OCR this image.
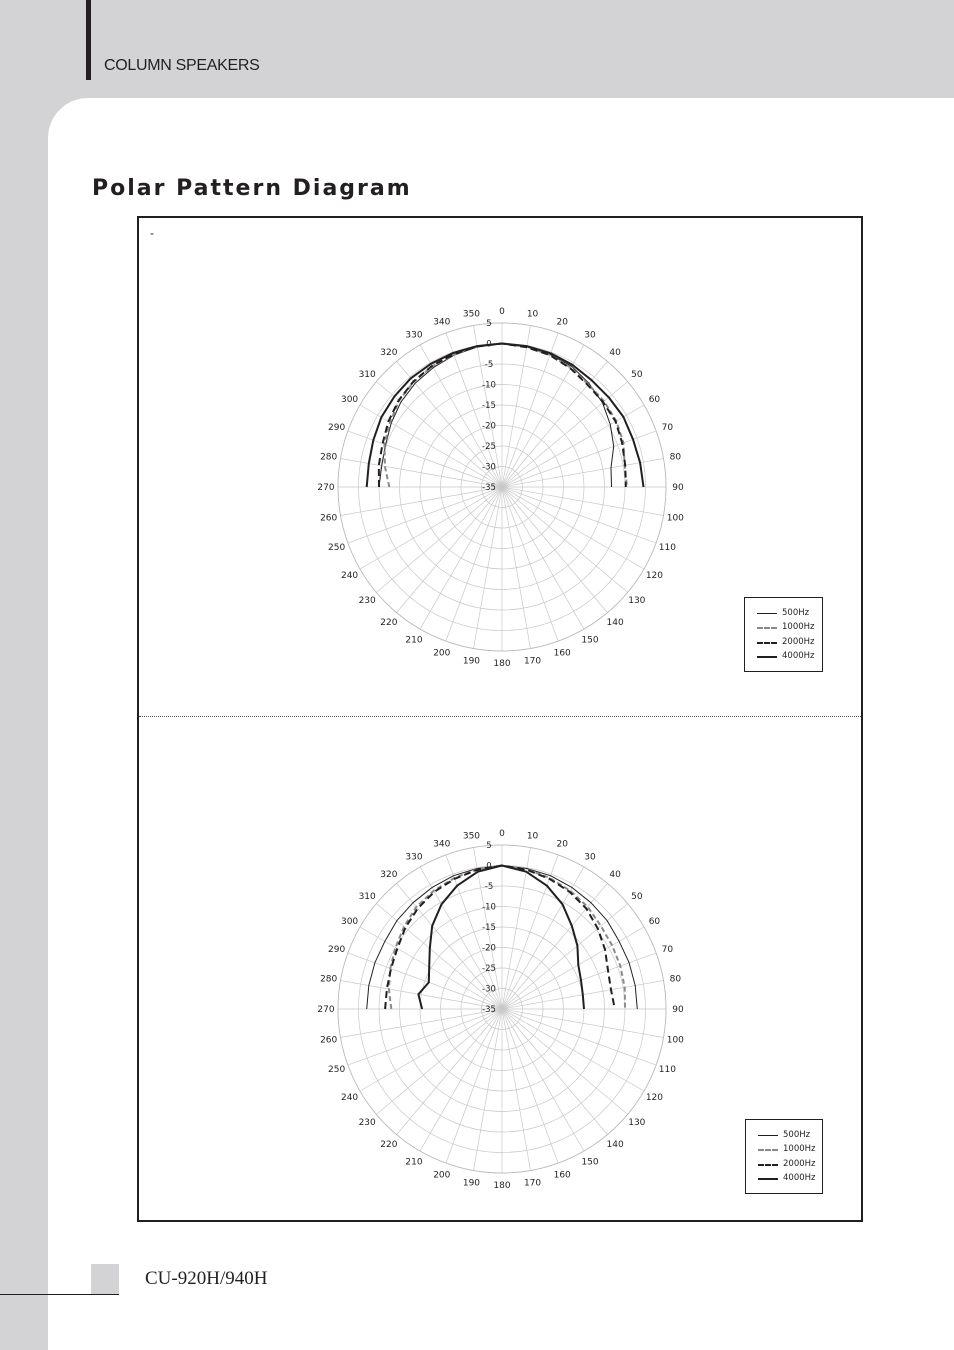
COLUMN SPEAKERS
Polar Pattern Diagram
-
0 10
20
30
40
50
60
70
80
90
100
110
120
130
140
150
160
170
180
190
200
210
220
230
240
250
260
270
280
290
300
310
320
330
340
350
5
0
-5
-10
-15
-20
-25
-30
-35
0 10
20
30
40
50
60
70
80
90
100
110
120
130
140
150
160
170
180
190
200
210
220
230
240
250
260
270
280
290
300
310
320
330
340
350
5
0
-5
-10
-15
-20
-25
-30
-35
500Hz
1000Hz
2000Hz
4000Hz
500Hz
1000Hz
2000Hz
4000Hz
CU-920H/940H
